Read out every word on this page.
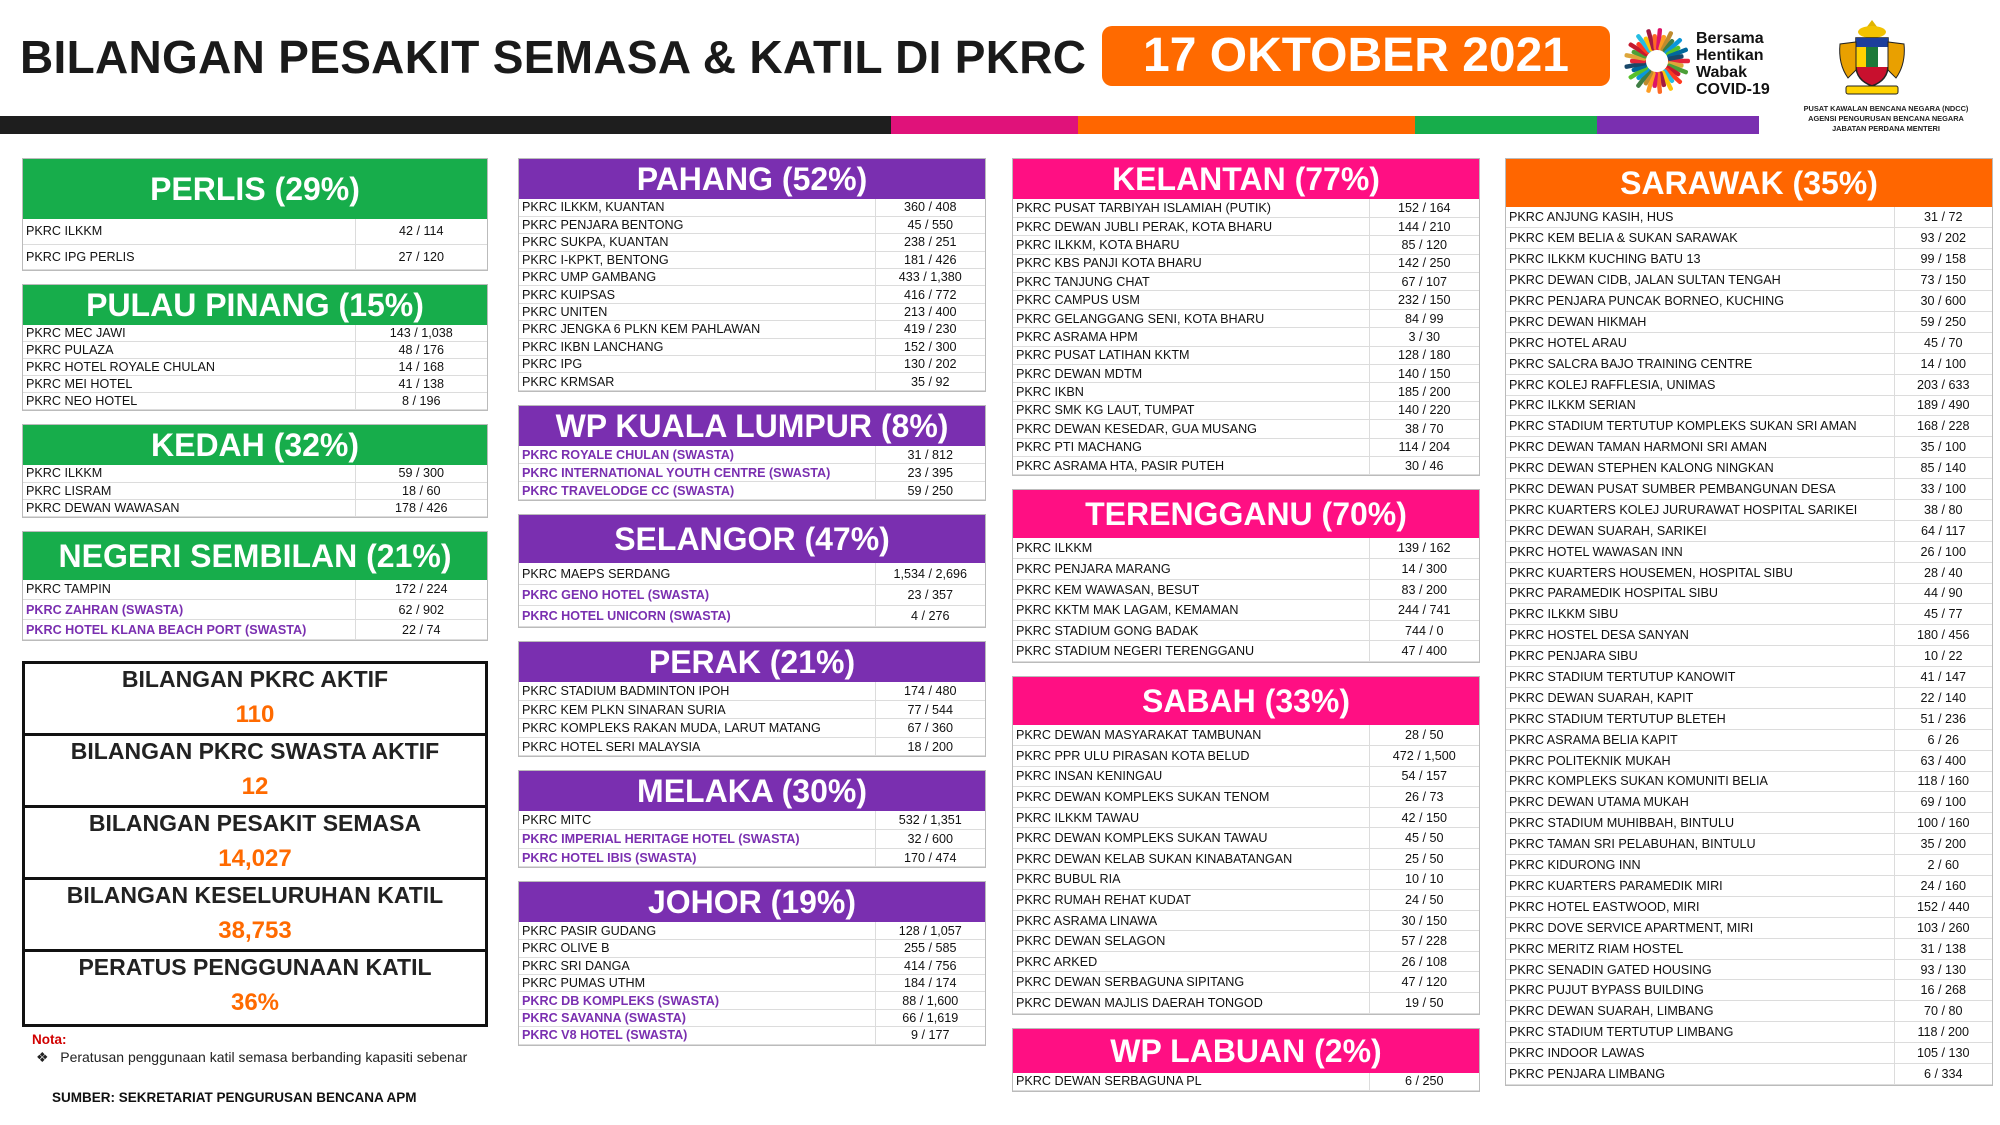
BILANGAN PESAKIT SEMASA & KATIL DI PKRC	17 OKTOBER 2021	Bersama
Hentikan
Wabak
COVID-19
PUSAT KAWALAN BENCANA NEGARA (NDCC)
AGENSI PENGURUSAN BENCANA NEGARA
JABATAN PERDANA MENTERI
PERLIS (29%)
PKRC ILKKM	42 / 114
PKRC IPG PERLIS	27 / 120
PULAU PINANG (15%)
PKRC MEC JAWI	143 / 1,038
PKRC PULAZA	48 / 176
PKRC HOTEL ROYALE CHULAN	14 / 168
PKRC MEI HOTEL	41 / 138
PKRC NEO HOTEL	8 / 196
KEDAH (32%)
PKRC ILKKM	59 / 300
PKRC LISRAM	18 / 60
PKRC DEWAN WAWASAN	178 / 426
NEGERI SEMBILAN (21%)
PKRC TAMPIN	172 / 224
PKRC ZAHRAN (SWASTA)	62 / 902
PKRC HOTEL KLANA BEACH PORT (SWASTA)	22 / 74
PAHANG (52%)
PKRC ILKKM, KUANTAN	360 / 408
PKRC PENJARA BENTONG	45 / 550
PKRC SUKPA, KUANTAN	238 / 251
PKRC I-KPKT, BENTONG	181 / 426
PKRC UMP GAMBANG	433 / 1,380
PKRC KUIPSAS	416 / 772
PKRC UNITEN	213 / 400
PKRC JENGKA 6 PLKN KEM PAHLAWAN	419 / 230
PKRC IKBN LANCHANG	152 / 300
PKRC IPG	130 / 202
PKRC KRMSAR	35 / 92
WP KUALA LUMPUR (8%)
PKRC ROYALE CHULAN (SWASTA)	31 / 812
PKRC INTERNATIONAL YOUTH CENTRE (SWASTA)	23 / 395
PKRC TRAVELODGE CC (SWASTA)	59 / 250
SELANGOR (47%)
PKRC MAEPS SERDANG	1,534 / 2,696
PKRC GENO HOTEL (SWASTA)	23 / 357
PKRC HOTEL UNICORN (SWASTA)	4 / 276
PERAK (21%)
PKRC STADIUM BADMINTON IPOH	174 / 480
PKRC KEM PLKN SINARAN SURIA	77 / 544
PKRC KOMPLEKS RAKAN MUDA, LARUT MATANG	67 / 360
PKRC HOTEL SERI MALAYSIA	18 / 200
MELAKA (30%)
PKRC MITC	532 / 1,351
PKRC IMPERIAL HERITAGE HOTEL (SWASTA)	32 / 600
PKRC HOTEL IBIS (SWASTA)	170 / 474
JOHOR (19%)
PKRC PASIR GUDANG	128 / 1,057
PKRC OLIVE B	255 / 585
PKRC SRI DANGA	414 / 756
PKRC PUMAS UTHM	184 / 174
PKRC DB KOMPLEKS (SWASTA)	88 / 1,600
PKRC SAVANNA (SWASTA)	66 / 1,619
PKRC V8 HOTEL (SWASTA)	9 / 177
KELANTAN (77%)
PKRC PUSAT TARBIYAH ISLAMIAH (PUTIK)	152 / 164
PKRC DEWAN JUBLI PERAK, KOTA BHARU	144 / 210
PKRC ILKKM, KOTA BHARU	85 / 120
PKRC KBS PANJI KOTA BHARU	142 / 250
PKRC TANJUNG CHAT	67 / 107
PKRC CAMPUS USM	232 / 150
PKRC GELANGGANG SENI, KOTA BHARU	84 / 99
PKRC ASRAMA HPM	3 / 30
PKRC PUSAT LATIHAN KKTM	128 / 180
PKRC DEWAN MDTM	140 / 150
PKRC IKBN	185 / 200
PKRC SMK KG LAUT, TUMPAT	140 / 220
PKRC DEWAN KESEDAR, GUA MUSANG	38 / 70
PKRC PTI MACHANG	114 / 204
PKRC ASRAMA HTA, PASIR PUTEH	30 / 46
TERENGGANU (70%)
PKRC ILKKM	139 / 162
PKRC PENJARA MARANG	14 / 300
PKRC KEM WAWASAN, BESUT	83 / 200
PKRC KKTM MAK LAGAM, KEMAMAN	244 / 741
PKRC STADIUM GONG BADAK	744 / 0
PKRC STADIUM NEGERI TERENGGANU	47 / 400
SABAH (33%)
PKRC DEWAN MASYARAKAT TAMBUNAN	28 / 50
PKRC PPR ULU PIRASAN KOTA BELUD	472 / 1,500
PKRC INSAN KENINGAU	54 / 157
PKRC DEWAN KOMPLEKS SUKAN TENOM	26 / 73
PKRC ILKKM TAWAU	42 / 150
PKRC DEWAN KOMPLEKS SUKAN TAWAU	45 / 50
PKRC DEWAN KELAB SUKAN KINABATANGAN	25 / 50
PKRC BUBUL RIA	10 / 10
PKRC RUMAH REHAT KUDAT	24 / 50
PKRC ASRAMA LINAWA	30 / 150
PKRC DEWAN SELAGON	57 / 228
PKRC ARKED	26 / 108
PKRC DEWAN SERBAGUNA SIPITANG	47 / 120
PKRC DEWAN MAJLIS DAERAH TONGOD	19 / 50
WP LABUAN (2%)
PKRC DEWAN SERBAGUNA PL	6 / 250
SARAWAK (35%)
PKRC ANJUNG KASIH, HUS	31 / 72
PKRC KEM BELIA & SUKAN SARAWAK	93 / 202
PKRC ILKKM KUCHING BATU 13	99 / 158
PKRC DEWAN CIDB, JALAN SULTAN TENGAH	73 / 150
PKRC PENJARA PUNCAK BORNEO, KUCHING	30 / 600
PKRC DEWAN HIKMAH	59 / 250
PKRC HOTEL ARAU	45 / 70
PKRC SALCRA BAJO TRAINING CENTRE	14 / 100
PKRC KOLEJ RAFFLESIA, UNIMAS	203 / 633
PKRC ILKKM SERIAN	189 / 490
PKRC STADIUM TERTUTUP KOMPLEKS SUKAN SRI AMAN	168 / 228
PKRC DEWAN TAMAN HARMONI SRI AMAN	35 / 100
PKRC DEWAN STEPHEN KALONG NINGKAN	85 / 140
PKRC DEWAN PUSAT SUMBER PEMBANGUNAN DESA	33 / 100
PKRC KUARTERS KOLEJ JURURAWAT HOSPITAL SARIKEI	38 / 80
PKRC DEWAN SUARAH, SARIKEI	64 / 117
PKRC HOTEL WAWASAN INN	26 / 100
PKRC KUARTERS HOUSEMEN, HOSPITAL SIBU	28 / 40
PKRC PARAMEDIK HOSPITAL SIBU	44 / 90
PKRC ILKKM SIBU	45 / 77
PKRC HOSTEL DESA SANYAN	180 / 456
PKRC PENJARA SIBU	10 / 22
PKRC STADIUM TERTUTUP KANOWIT	41 / 147
PKRC DEWAN SUARAH, KAPIT	22 / 140
PKRC STADIUM TERTUTUP BLETEH	51 / 236
PKRC ASRAMA BELIA KAPIT	6 / 26
PKRC POLITEKNIK MUKAH	63 / 400
PKRC KOMPLEKS SUKAN KOMUNITI BELIA	118 / 160
PKRC DEWAN UTAMA MUKAH	69 / 100
PKRC STADIUM MUHIBBAH, BINTULU	100 / 160
PKRC TAMAN SRI PELABUHAN, BINTULU	35 / 200
PKRC KIDURONG INN	2 / 60
PKRC KUARTERS PARAMEDIK MIRI	24 / 160
PKRC HOTEL EASTWOOD, MIRI	152 / 440
PKRC DOVE SERVICE APARTMENT, MIRI	103 / 260
PKRC MERITZ RIAM HOSTEL	31 / 138
PKRC SENADIN GATED HOUSING	93 / 130
PKRC PUJUT BYPASS BUILDING	16 / 268
PKRC DEWAN SUARAH, LIMBANG	70 / 80
PKRC STADIUM TERTUTUP LIMBANG	118 / 200
PKRC INDOOR LAWAS	105 / 130
PKRC PENJARA LIMBANG	6 / 334
BILANGAN PKRC AKTIF
110
BILANGAN PKRC SWASTA AKTIF
12
BILANGAN PESAKIT SEMASA
14,027
BILANGAN KESELURUHAN KATIL
38,753
PERATUS PENGGUNAAN KATIL
36%
Nota:
❖   Peratusan penggunaan katil semasa berbanding kapasiti sebenar
SUMBER: SEKRETARIAT PENGURUSAN BENCANA APM
